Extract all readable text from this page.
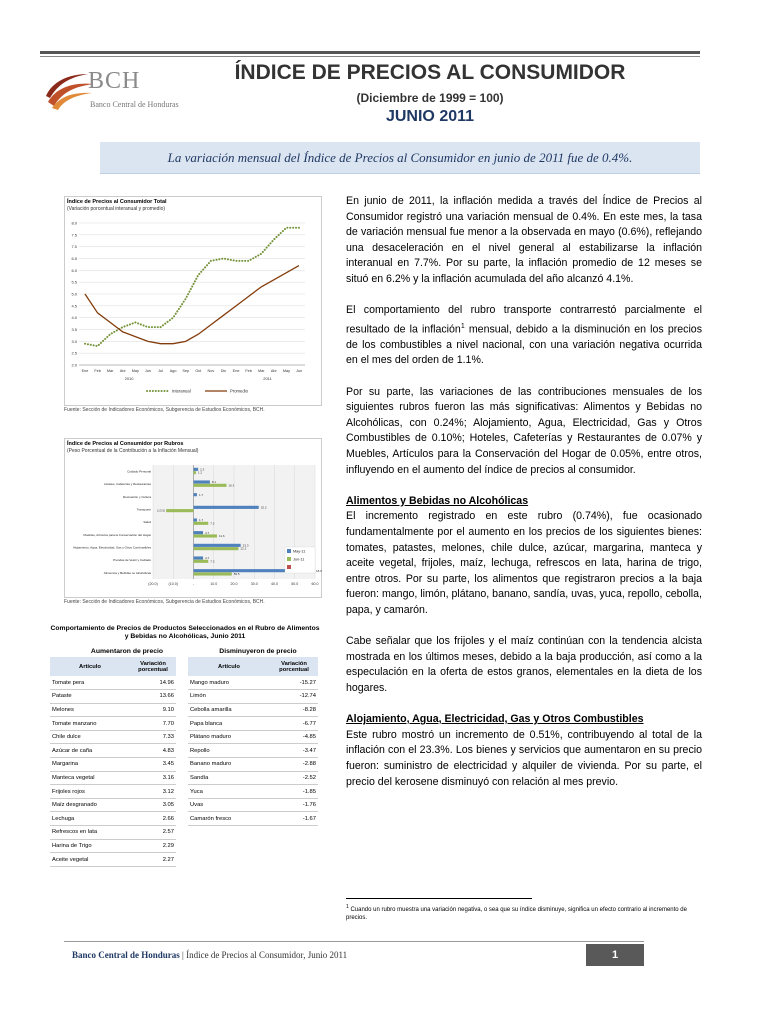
BCH
Banco Central de Honduras
ÍNDICE DE PRECIOS AL CONSUMIDOR
(Diciembre de 1999 = 100)
JUNIO 2011
La variación mensual del Índice de Precios al Consumidor en junio de 2011 fue de 0.4%.
Índice de Precios al Consumidor Total
(Variación porcentual interanual y promedio)
2.0
2.5
3.0
3.5
4.0
4.5
5.0
5.5
6.0
6.5
7.0
7.5
8.0
Ene Feb Mar Abr May Jun Jul Ago Sep Oct Nov Dic Ene Feb Mar Abr May Jun
2010	2011
Interanual	Promedio
Fuente: Sección de Indicadores Económicos, Subgerencia de Estudios Económicos, BCH.
Índice de Precios al Consumidor por Rubros
(Peso Porcentual de la Contribución a la Inflación Mensual)
(20.0)	(10.0)	-	10.0	20.0	30.0	40.0	50.0	60.0
Cuidado Personal
2.3
1.2
Hoteles, Cafeterías y Restaurantes
8.1
16.3
Recreación y Cultura
1.7
Transporte
32.2
(13.5)
Salud
1.7
7.3
Muebles, Artículos para la Conservación del Hogar
4.7
11.6
Alojamiento, Agua, Electricidad, Gas y Otros Combustibles
23.3
22.2
Prendas de Vestir y Calzado
4.7
7.3
Alimentos y Bebidas no Alcohólicas
18.9
59.5
May-11
Jun-11
Fuente: Sección de Indicadores Económicos, Subgerencia de Estudios Económicos, BCH.
Comportamiento de Precios de Productos Seleccionados en el Rubro de Alimentos y Bebidas no Alcohólicas, Junio 2011
Aumentaron de precio	Disminuyeron de precio
Artículo	Variación porcentual
Tomate pera	14.96
Pataste	13.66
Melones	9.10
Tomate manzano	7.70
Chile dulce	7.33
Azúcar de caña	4.83
Margarina	3.45
Manteca vegetal	3.16
Frijoles rojos	3.12
Maíz desgranado	3.05
Lechuga	2.66
Refrescos en lata	2.57
Harina de Trigo	2.29
Aceite vegetal	2.27
Artículo	Variación porcentual
Mango maduro	-15.27
Limón	-12.74
Cebolla amarilla	-8.28
Papa blanca	-6.77
Plátano maduro	-4.85
Repollo	-3.47
Banano maduro	-2.88
Sandía	-2.52
Yuca	-1.85
Uvas	-1.76
Camarón fresco	-1.67

En junio de 2011, la inflación medida a través del Índice de Precios al Consumidor registró una variación mensual de 0.4%. En este mes, la tasa de variación mensual fue menor a la observada en mayo (0.6%), reflejando una desaceleración en el nivel general al estabilizarse la inflación interanual en 7.7%. Por su parte, la inflación promedio de 12 meses se situó en 6.2% y la inflación acumulada del año alcanzó 4.1%.

El comportamiento del rubro transporte contrarrestó parcialmente el resultado de la inflación$^1$ mensual, debido a la disminución en los precios de los combustibles a nivel nacional, con una variación negativa ocurrida en el mes del orden de 1.1%.

Por su parte, las variaciones de las contribuciones mensuales de los siguientes rubros fueron las más significativas: Alimentos y Bebidas no Alcohólicas, con 0.24%; Alojamiento, Agua, Electricidad, Gas y Otros Combustibles de 0.10%; Hoteles, Cafeterías y Restaurantes de 0.07% y Muebles, Artículos para la Conservación del Hogar de 0.05%, entre otros, influyendo en el aumento del índice de precios al consumidor.

Alimentos y Bebidas no Alcohólicas

El incremento registrado en este rubro (0.74%), fue ocasionado fundamentalmente por el aumento en los precios de los siguientes bienes: tomates, patastes, melones, chile dulce, azúcar, margarina, manteca y aceite vegetal, frijoles, maíz, lechuga, refrescos en lata, harina de trigo, entre otros. Por su parte, los alimentos que registraron precios a la baja fueron: mango, limón, plátano, banano, sandía, uvas, yuca, repollo, cebolla, papa, y camarón.

Cabe señalar que los frijoles y el maíz continúan con la tendencia alcista mostrada en los últimos meses, debido a la baja producción, así como a la especulación en la oferta de estos granos, elementales en la dieta de los hogares.

Alojamiento, Agua, Electricidad, Gas y Otros Combustibles

Este rubro mostró un incremento de 0.51%, contribuyendo al total de la inflación con el 23.3%. Los bienes y servicios que aumentaron en su precio fueron: suministro de electricidad y alquiler de vivienda. Por su parte, el precio del kerosene disminuyó con relación al mes previo.

$^1$ Cuando un rubro muestra una variación negativa, o sea que su índice disminuye, significa un efecto contrario al incremento de precios.
Banco Central de Honduras | Índice de Precios al Consumidor, Junio 2011	1
